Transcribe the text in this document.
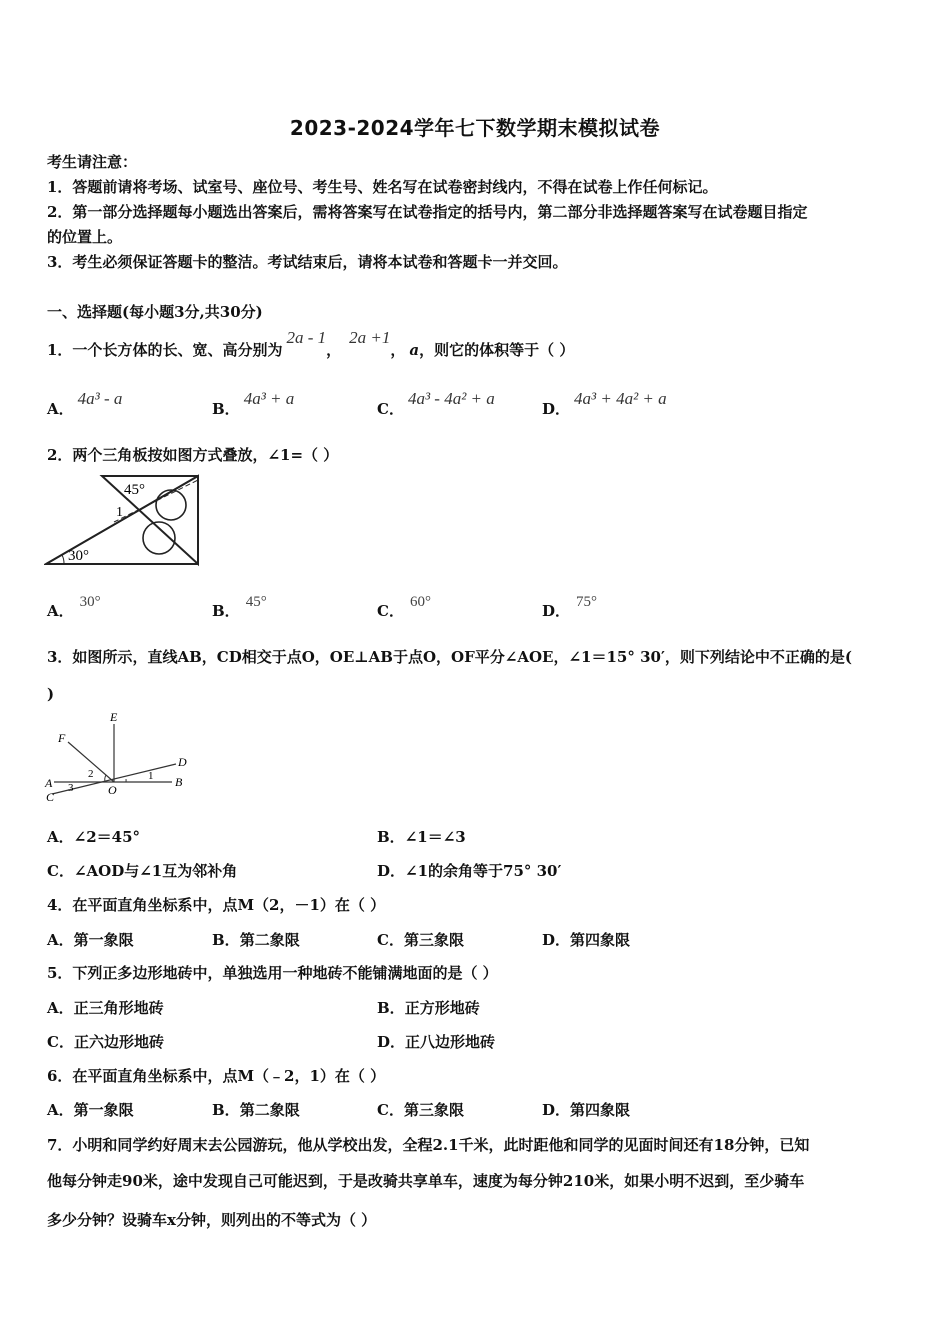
2023-2024学年七下数学期末模拟试卷
考生请注意：
1．答题前请将考场、试室号、座位号、考生号、姓名写在试卷密封线内，不得在试卷上作任何标记。
2．第一部分选择题每小题选出答案后，需将答案写在试卷指定的括号内，第二部分非选择题答案写在试卷题目指定
的位置上。
3．考生必须保证答题卡的整洁。考试结束后，请将本试卷和答题卡一并交回。
一、选择题(每小题3分,共30分)
1．一个长方体的长、宽、高分别为2a - 1，2a +1， a，则它的体积等于（ ）
A．4a³ - a
B．4a³ + a
C．4a³ - 4a² + a
D．4a³ + 4a² + a
2．两个三角板按如图方式叠放，∠1=（ ）
45°
30°
1
A． 30°	B． 45°	C． 60°	D． 75°
3．如图所示，直线AB，CD相交于点O，OE⊥AB于点O，OF平分∠AOE，∠1＝15° 30′，则下列结论中不正确的是(
)
E
F
D
A	B
C	O
1
2
3
A．∠2＝45°	B．∠1＝∠3
C．∠AOD与∠1互为邻补角	D．∠1的余角等于75° 30′
4．在平面直角坐标系中，点M（2，－1）在（ ）
A．第一象限	B．第二象限	C．第三象限	D．第四象限
5．下列正多边形地砖中，单独选用一种地砖不能铺满地面的是（ ）
A．正三角形地砖	B．正方形地砖
C．正六边形地砖	D．正八边形地砖
6．在平面直角坐标系中，点M（﹣2，1）在（ ）
A．第一象限	B．第二象限	C．第三象限	D．第四象限
7．小明和同学约好周末去公园游玩，他从学校出发，全程2.1千米，此时距他和同学的见面时间还有18分钟，已知
他每分钟走90米，途中发现自己可能迟到，于是改骑共享单车，速度为每分钟210米，如果小明不迟到，至少骑车
多少分钟？设骑车x分钟，则列出的不等式为（ ）
